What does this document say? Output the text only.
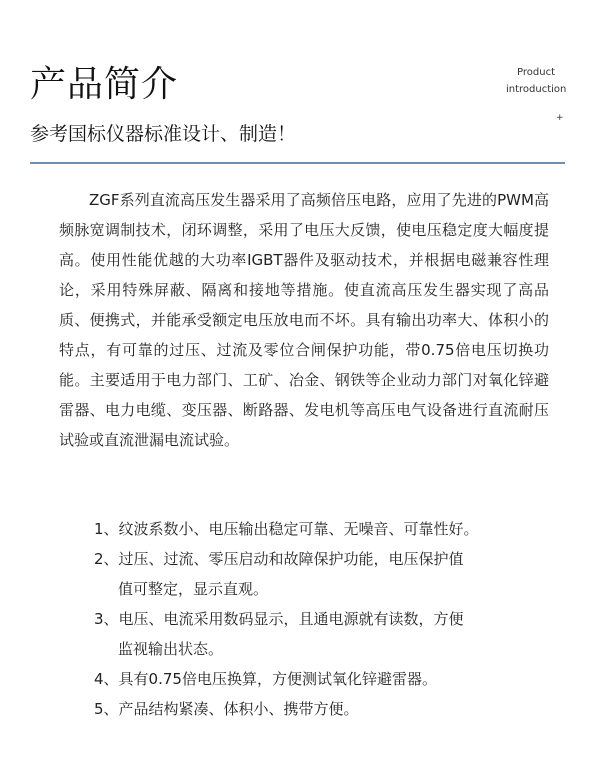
产品简介	Product
introduction
参考国标仪器标准设计、制造！
+

ZGF系列直流高压发生器采用了高频倍压电路，应用了先进的PWM高频脉宽调制技术，闭环调整，采用了电压大反馈，使电压稳定度大幅度提高。使用性能优越的大功率IGBT器件及驱动技术，并根据电磁兼容性理论，采用特殊屏蔽、隔离和接地等措施。使直流高压发生器实现了高品质、便携式，并能承受额定电压放电而不坏。具有输出功率大、体积小的特点，有可靠的过压、过流及零位合闸保护功能，带0.75倍电压切换功能。主要适用于电力部门、工矿、冶金、钢铁等企业动力部门对氧化锌避雷器、电力电缆、变压器、断路器、发电机等高压电气设备进行直流耐压试验或直流泄漏电流试验。

1、纹波系数小、电压输出稳定可靠、无噪音、可靠性好。
2、过压、过流、零压启动和故障保护功能，电压保护值
值可整定，显示直观。
3、电压、电流采用数码显示，且通电源就有读数，方便
监视输出状态。
4、具有0.75倍电压换算，方便测试氧化锌避雷器。
5、产品结构紧凑、体积小、携带方便。
